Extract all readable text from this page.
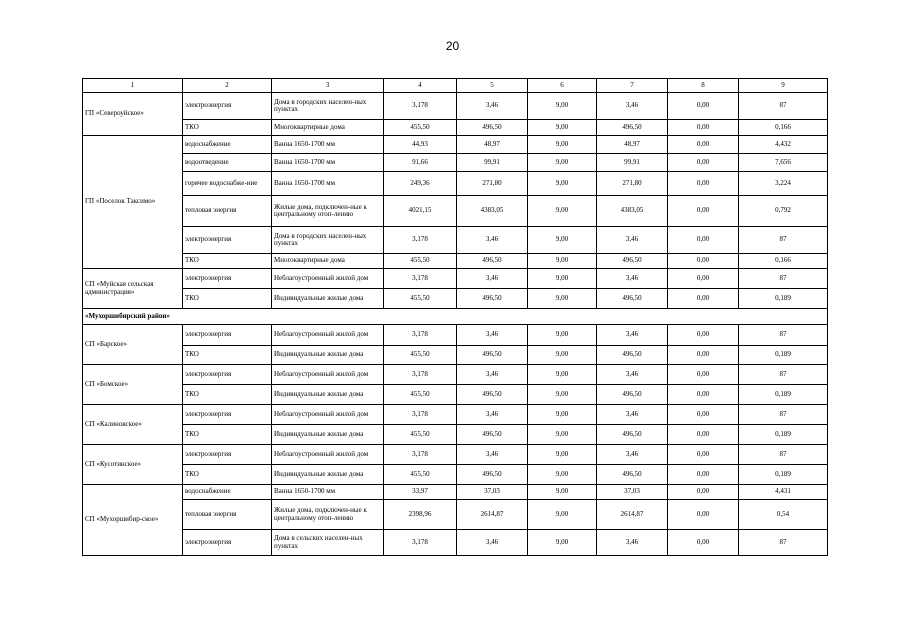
20
1	2	3	4	5	6	7	8	9
ГП «Североуйское»	электроэнергия	Дома в городских населен-ных пунктах	3,178	3,46	9,00	3,46	0,00	87
	ТКО	Многоквартирные дома	455,50	496,50	9,00	496,50	0,00	0,166
ГП «Поселок Таксимо»	водоснабжение	Ванна 1650-1700 мм	44,93	48,97	9,00	48,97	0,00	4,432
	водоотведение	Ванна 1650-1700 мм	91,66	99,91	9,00	99,91	0,00	7,656
	горячее водоснабже-ние	Ванна 1650-1700 мм	249,36	271,80	9,00	271,80	0,00	3,224
	тепловая энергия	Жилые дома, подключен-ные к центральному отоп-лению	4021,15	4383,05	9,00	4383,05	0,00	0,792
	электроэнергия	Дома в городских населен-ных пунктах	3,178	3,46	9,00	3,46	0,00	87
	ТКО	Многоквартирные дома	455,50	496,50	9,00	496,50	0,00	0,166
СП «Муйская сельская администрация»	электроэнергия	Неблагоустроенный жилой дом	3,178	3,46	9,00	3,46	0,00	87
	ТКО	Индивидуальные жилые дома	455,50	496,50	9,00	496,50	0,00	0,189
«Мухоршибирский район»								
СП «Барское»	электроэнергия	Неблагоустроенный жилой дом	3,178	3,46	9,00	3,46	0,00	87
	ТКО	Индивидуальные жилые дома	455,50	496,50	9,00	496,50	0,00	0,189
СП «Бомское»	электроэнергия	Неблагоустроенный жилой дом	3,178	3,46	9,00	3,46	0,00	87
	ТКО	Индивидуальные жилые дома	455,50	496,50	9,00	496,50	0,00	0,189
СП «Калиновское»	электроэнергия	Неблагоустроенный жилой дом	3,178	3,46	9,00	3,46	0,00	87
	ТКО	Индивидуальные жилые дома	455,50	496,50	9,00	496,50	0,00	0,189
СП «Кусотинское»	электроэнергия	Неблагоустроенный жилой дом	3,178	3,46	9,00	3,46	0,00	87
	ТКО	Индивидуальные жилые дома	455,50	496,50	9,00	496,50	0,00	0,189
СП «Мухоршибир-ское»	водоснабжение	Ванна 1650-1700 мм	33,97	37,03	9,00	37,03	0,00	4,431
	тепловая энергия	Жилые дома, подключен-ные к центральному отоп-лению	2398,96	2614,87	9,00	2614,87	0,00	0,54
	электроэнергия	Дома в сельских населен-ных пунктах	3,178	3,46	9,00	3,46	0,00	87
